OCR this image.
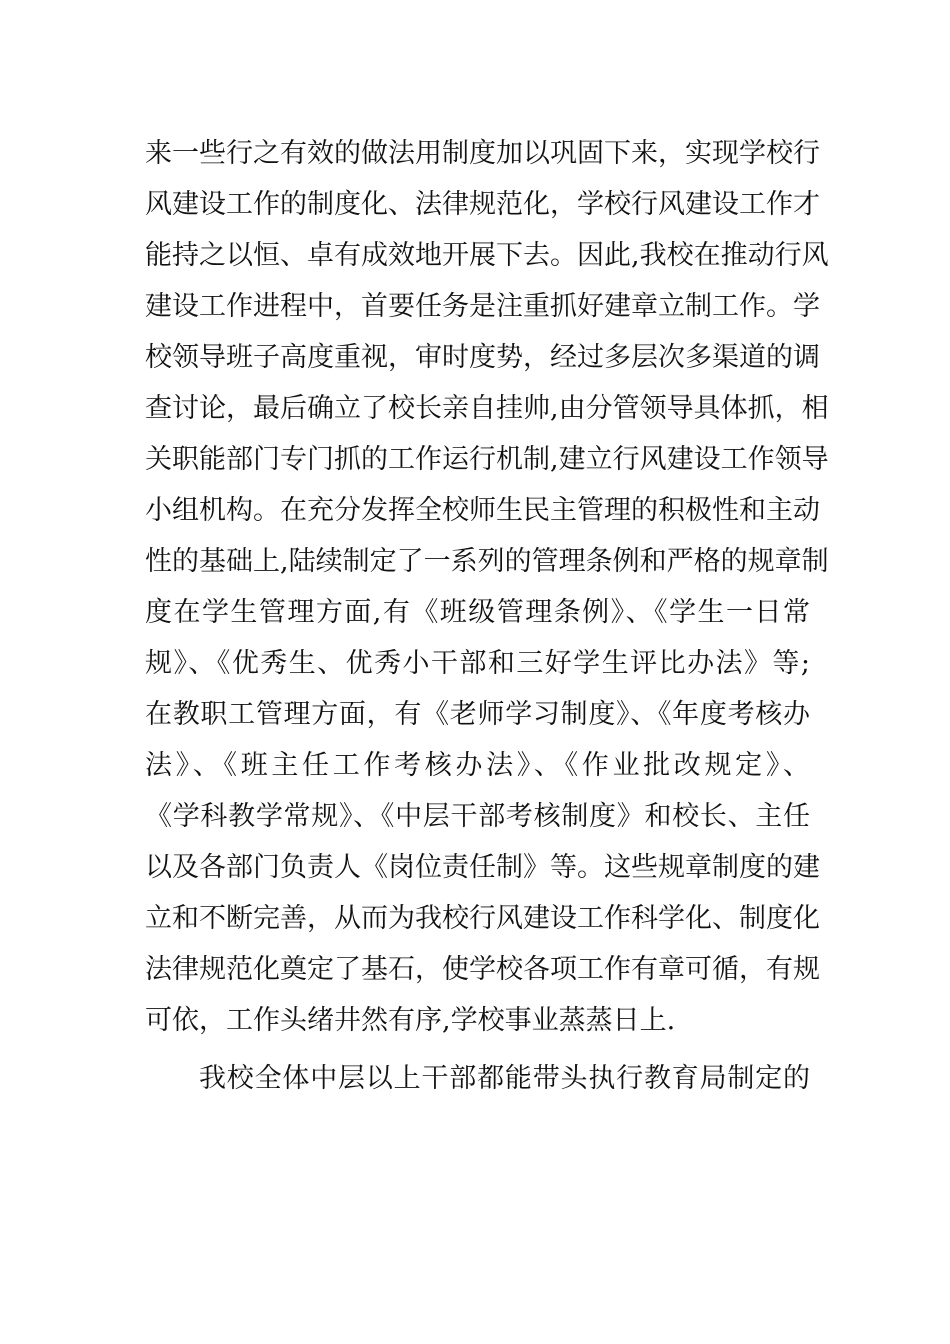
来一些行之有效的做法用制度加以巩固下来，实现学校行
风建设工作的制度化、法律规范化，学校行风建设工作才
能持之以恒、卓有成效地开展下去。因此,我校在推动行风
建设工作进程中，首要任务是注重抓好建章立制工作。学
校领导班子高度重视，审时度势，经过多层次多渠道的调
查讨论，最后确立了校长亲自挂帅,由分管领导具体抓，相
关职能部门专门抓的工作运行机制,建立行风建设工作领导
小组机构。在充分发挥全校师生民主管理的积极性和主动
性的基础上,陆续制定了一系列的管理条例和严格的规章制
度在学生管理方面,有《班级管理条例》、《学生一日常
规》、《优秀生、优秀小干部和三好学生评比办法》等;
在教职工管理方面，有《老师学习制度》、《年度考核办
法》、《班主任工作考核办法》、《作业批改规定》、
《学科教学常规》、《中层干部考核制度》和校长、主任
以及各部门负责人《岗位责任制》等。这些规章制度的建
立和不断完善，从而为我校行风建设工作科学化、制度化
法律规范化奠定了基石，使学校各项工作有章可循，有规
可依，工作头绪井然有序,学校事业蒸蒸日上.
我校全体中层以上干部都能带头执行教育局制定的
